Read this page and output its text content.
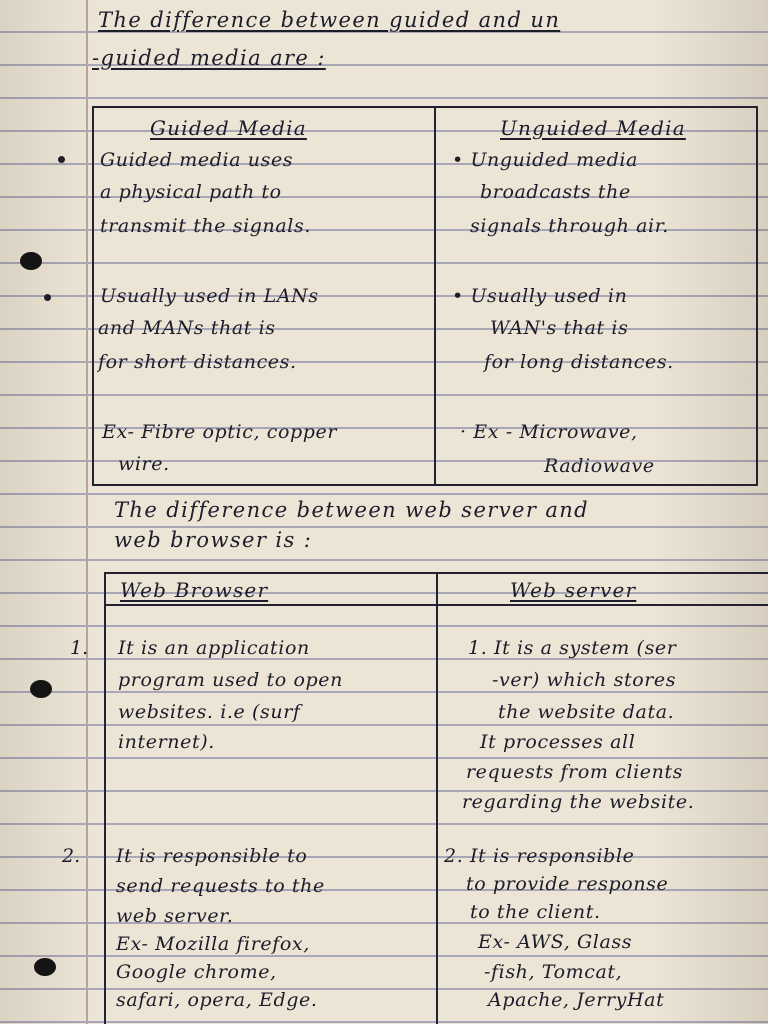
The difference between guided and un
-guided media are :
Guided Media	Unguided Media
Guided media uses
a physical path to
transmit the signals.
• Unguided media
broadcasts the
signals through air.
Usually used in LANs
and MANs that is
for short distances.
• Usually used in
WAN's that is
for long distances.
Ex- Fibre optic, copper
wire.
· Ex - Microwave,
Radiowave
The difference between web server and
web browser is :
Web Browser	Web server
1. It is an application
program used to open
websites. i.e (surf
internet).
1. It is a system (ser
-ver) which stores
the website data.
It processes all
requests from clients
regarding the website.
2. It is responsible to
send requests to the
web server.
Ex- Mozilla firefox,
Google chrome,
safari, opera, Edge.
2. It is responsible
to provide response
to the client.
Ex- AWS, Glass
-fish, Tomcat,
Apache, JerryHat
